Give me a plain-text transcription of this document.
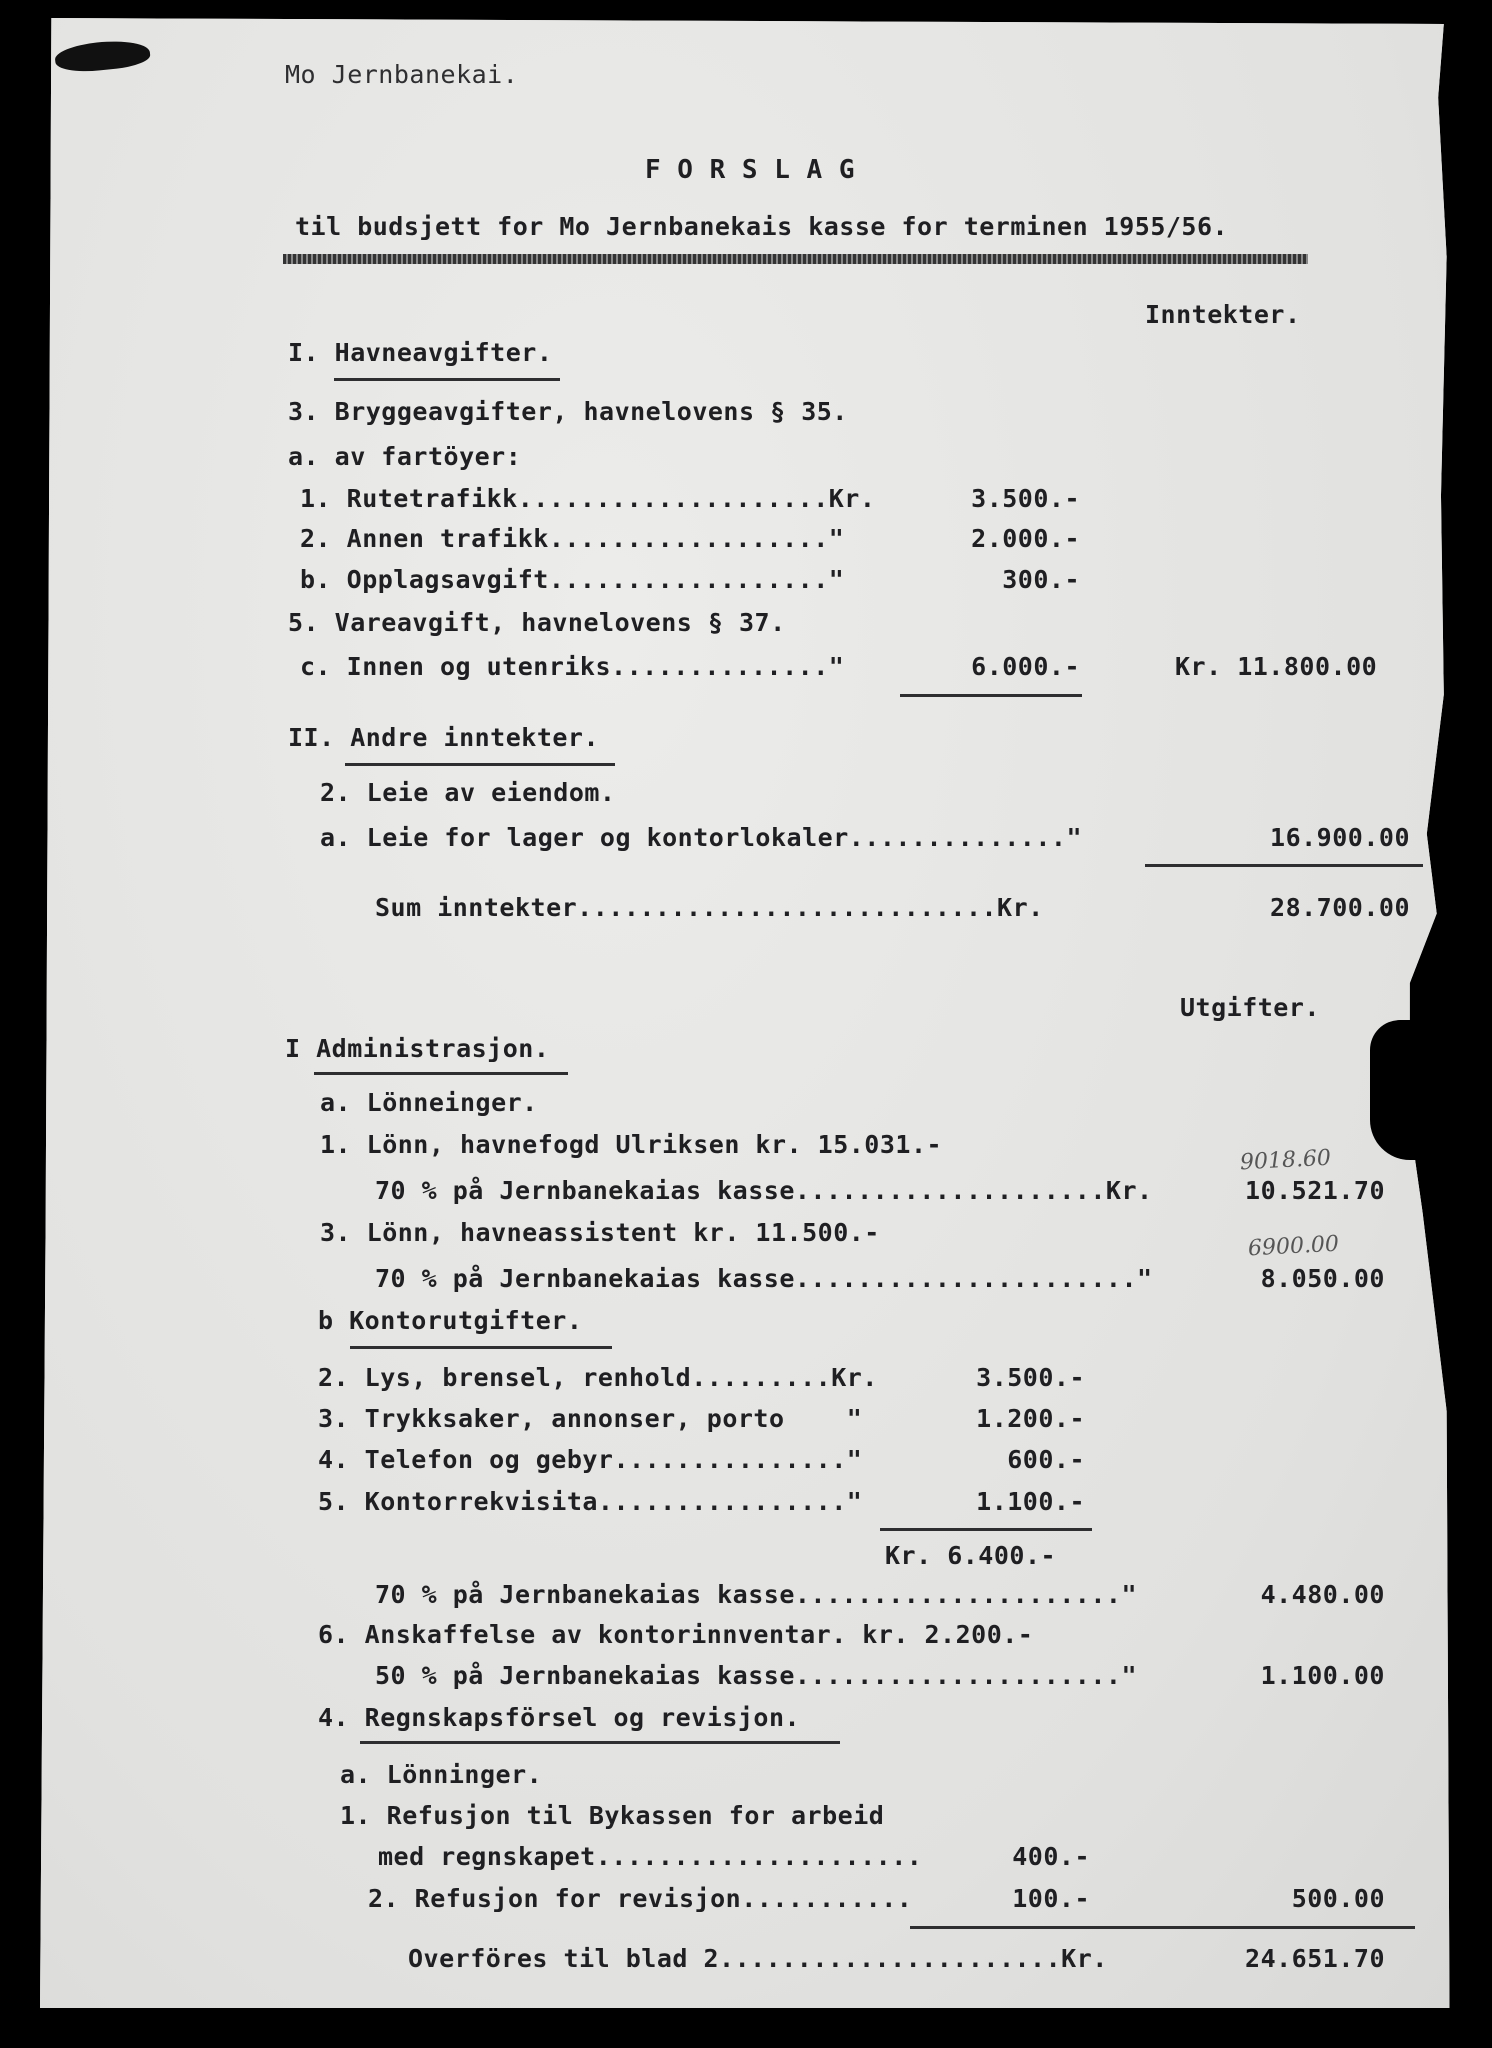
Mo Jernbanekai.
F O R S L A G
til budsjett for Mo Jernbanekais kasse for terminen 1955/56.
Inntekter.
I. Havneavgifter.
3. Bryggeavgifter, havnelovens § 35.
a. av fartöyer:
1. Rutetrafikk....................Kr.	3.500.-
2. Annen trafikk.................."	2.000.-
b. Opplagsavgift.................."	300.-
5. Vareavgift, havnelovens § 37.
c. Innen og utenriks.............."	6.000.-	Kr. 11.800.00
II. Andre inntekter.
2. Leie av eiendom.
a. Leie for lager og kontorlokaler.............."	16.900.00
Sum inntekter...........................Kr.	28.700.00
Utgifter.
I Administrasjon.
a. Lönneinger.
1. Lönn, havnefogd Ulriksen kr. 15.031.-
9018.60
70 % på Jernbanekaias kasse....................Kr.	10.521.70
3. Lönn, havneassistent kr. 11.500.-	6900.00
70 % på Jernbanekaias kasse......................"	8.050.00
b Kontorutgifter.
2. Lys, brensel, renhold.........Kr.	3.500.-
3. Trykksaker, annonser, porto    "	1.200.-
4. Telefon og gebyr..............."	600.-
5. Kontorrekvisita................"	1.100.-
Kr. 6.400.-
70 % på Jernbanekaias kasse....................."	4.480.00
6. Anskaffelse av kontorinnventar. kr. 2.200.-
50 % på Jernbanekaias kasse....................."	1.100.00
4. Regnskapsförsel og revisjon.
a. Lönninger.
1. Refusjon til Bykassen for arbeid
med regnskapet.....................	400.-
2. Refusjon for revisjon...........	100.-	500.00
Overföres til blad 2......................Kr.	24.651.70
